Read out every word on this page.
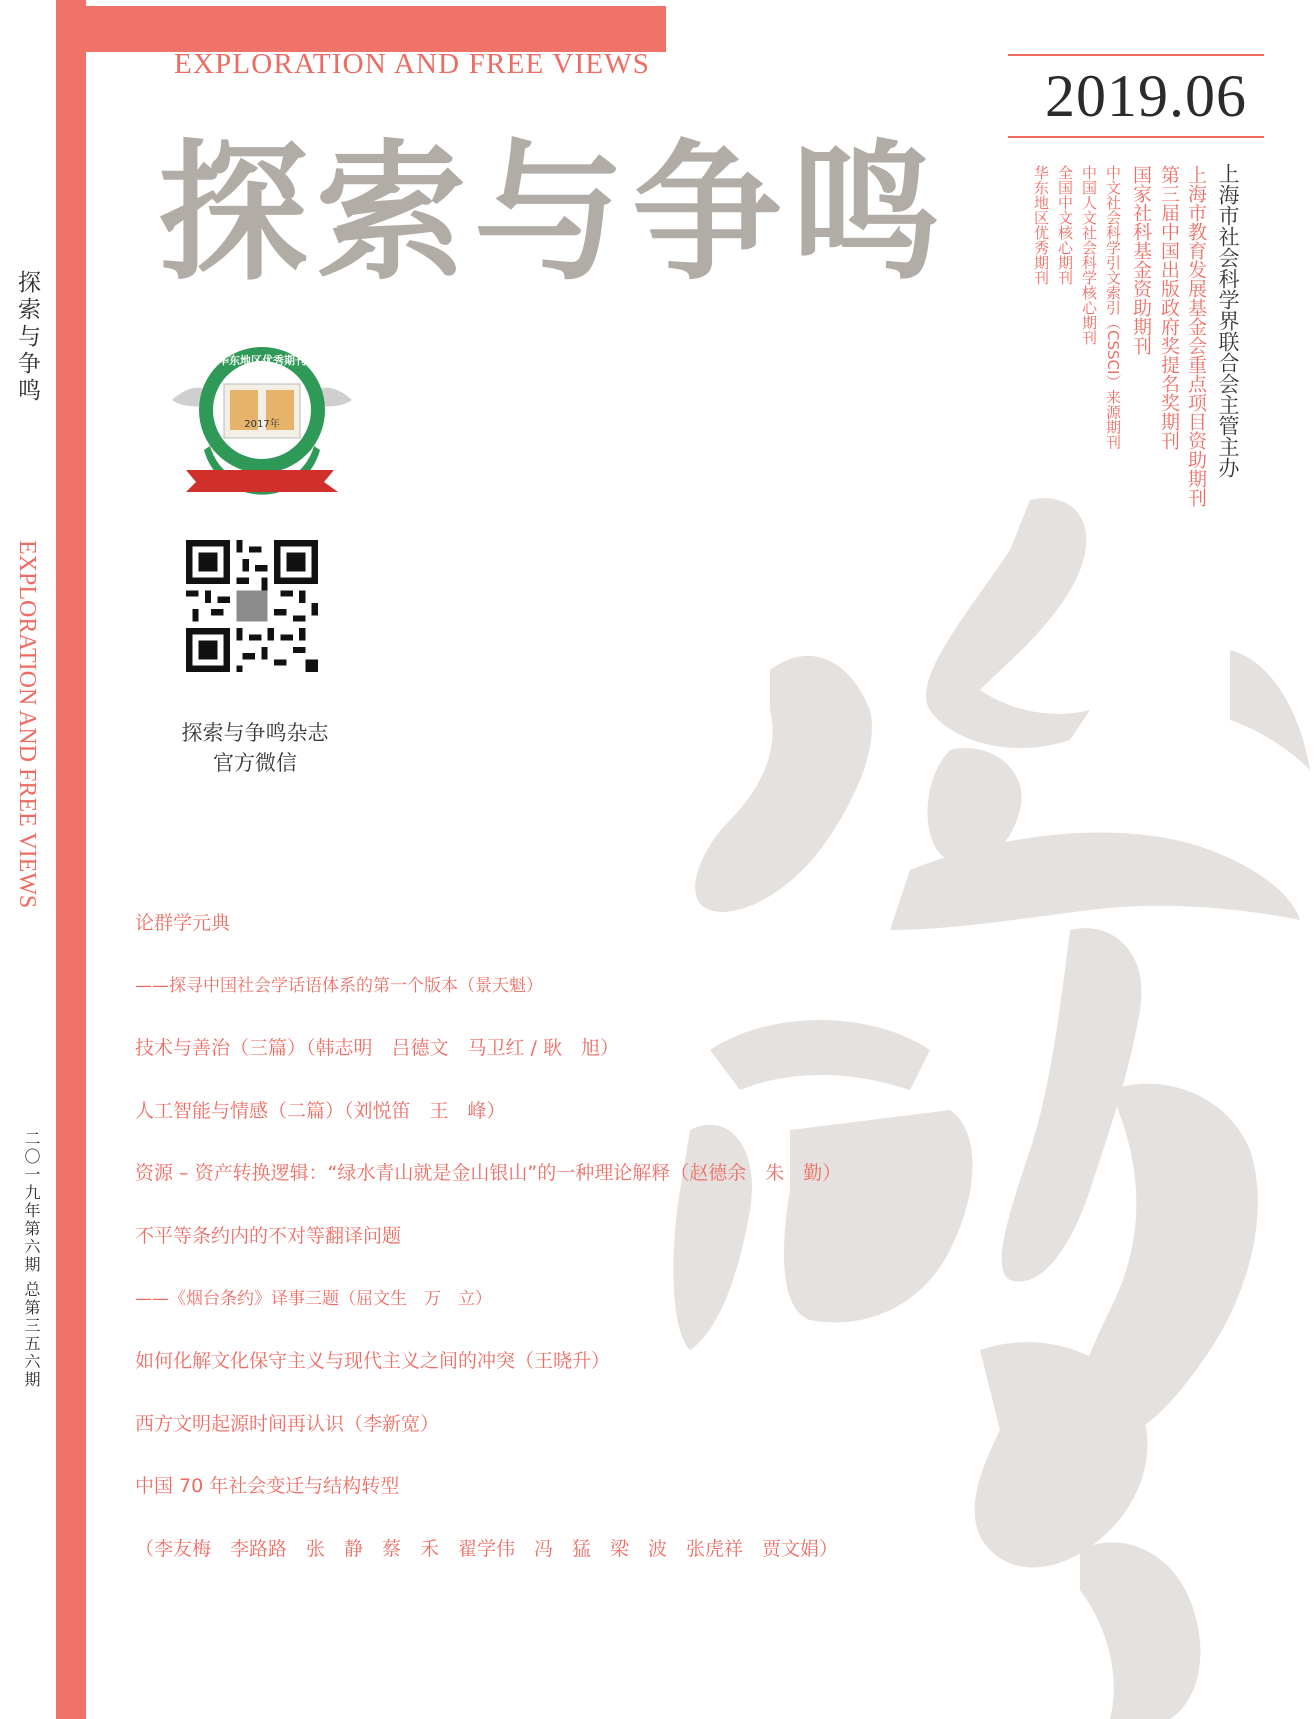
探索与争鸣
EXPLORATION AND FREE VIEWS
二〇一九年第六期 总第三五六期
EXPLORATION AND FREE VIEWS
探索与争鸣
2019.06
上海市社会科学界联合会主管主办
上海市教育发展基金会重点项目资助期刊
第三届中国出版政府奖提名奖期刊
国家社科基金资助期刊
中文社会科学引文索引（CSSCI）来源期刊
中国人文社会科学核心期刊
全国中文核心期刊
华东地区优秀期刊
2017年
华东地区优秀期刊
探索与争鸣杂志
官方微信
论群学元典
——探寻中国社会学话语体系的第一个版本（景天魁）
技术与善治（三篇）（韩志明　吕德文　马卫红 / 耿　旭）
人工智能与情感（二篇）（刘悦笛　王　峰）
资源 – 资产转换逻辑：“绿水青山就是金山银山”的一种理论解释（赵德余　朱　勤）
不平等条约内的不对等翻译问题
——《烟台条约》译事三题（屈文生　万　立）
如何化解文化保守主义与现代主义之间的冲突（王晓升）
西方文明起源时间再认识（李新宽）
中国 70 年社会变迁与结构转型
（李友梅　李路路　张　静　蔡　禾　翟学伟　冯　猛　梁　波　张虎祥　贾文娟）
